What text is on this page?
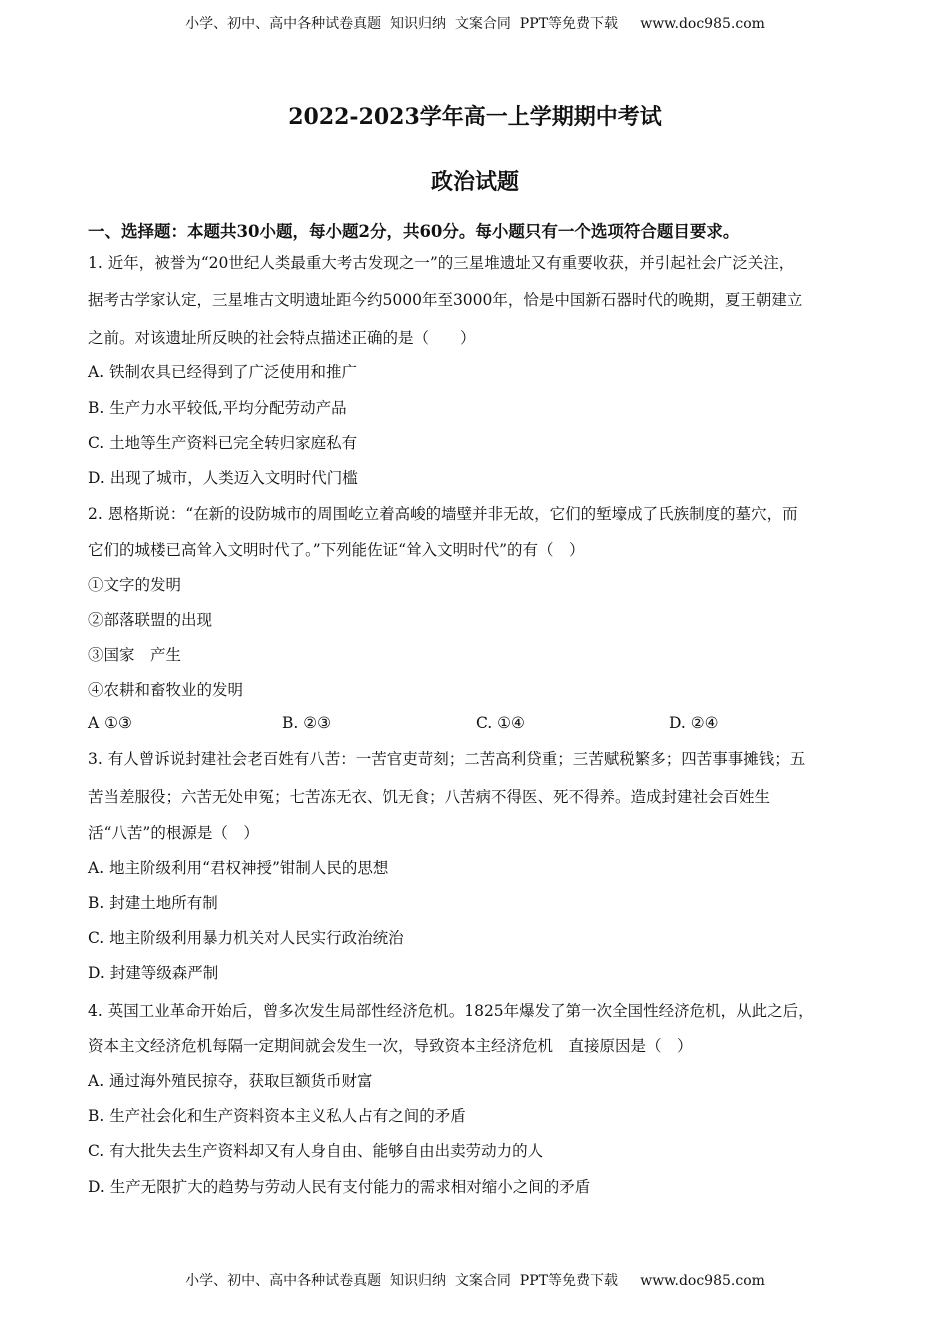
小学、初中、高中各种试卷真题  知识归纳  文案合同  PPT等免费下载     www.doc985.com
2022-2023学年高一上学期期中考试
政治试题
一、选择题：本题共30小题，每小题2分，共60分。每小题只有一个选项符合题目要求。
1. 近年，被誉为“20世纪人类最重大考古发现之一”的三星堆遗址又有重要收获，并引起社会广泛关注，
据考古学家认定，三星堆古文明遗址距今约5000年至3000年，恰是中国新石器时代的晚期，夏王朝建立
之前。对该遗址所反映的社会特点描述正确的是（　　）
A. 铁制农具已经得到了广泛使用和推广
B. 生产力水平较低,平均分配劳动产品
C. 土地等生产资料已完全转归家庭私有
D. 出现了城市，人类迈入文明时代门槛
2. 恩格斯说：“在新的设防城市的周围屹立着高峻的墙壁并非无故，它们的堑壕成了氏族制度的墓穴，而
它们的城楼已高耸入文明时代了。”下列能佐证“耸入文明时代”的有（　）
①文字的发明
②部落联盟的出现
③国家　产生
④农耕和畜牧业的发明
A ①③	B. ②③	C. ①④	D. ②④
3. 有人曾诉说封建社会老百姓有八苦：一苦官吏苛刻；二苦高利贷重；三苦赋税繁多；四苦事事摊钱；五
苦当差服役；六苦无处申冤；七苦冻无衣、饥无食；八苦病不得医、死不得养。造成封建社会百姓生
活“八苦”的根源是（　）
A. 地主阶级利用“君权神授”钳制人民的思想
B. 封建土地所有制
C. 地主阶级利用暴力机关对人民实行政治统治
D. 封建等级森严制
4. 英国工业革命开始后，曾多次发生局部性经济危机。1825年爆发了第一次全国性经济危机，从此之后，
资本主文经济危机每隔一定期间就会发生一次，导致资本主经济危机　直接原因是（　）
A. 通过海外殖民掠夺，获取巨额货币财富
B. 生产社会化和生产资料资本主义私人占有之间的矛盾
C. 有大批失去生产资料却又有人身自由、能够自由出卖劳动力的人
D. 生产无限扩大的趋势与劳动人民有支付能力的需求相对缩小之间的矛盾
小学、初中、高中各种试卷真题  知识归纳  文案合同  PPT等免费下载     www.doc985.com
